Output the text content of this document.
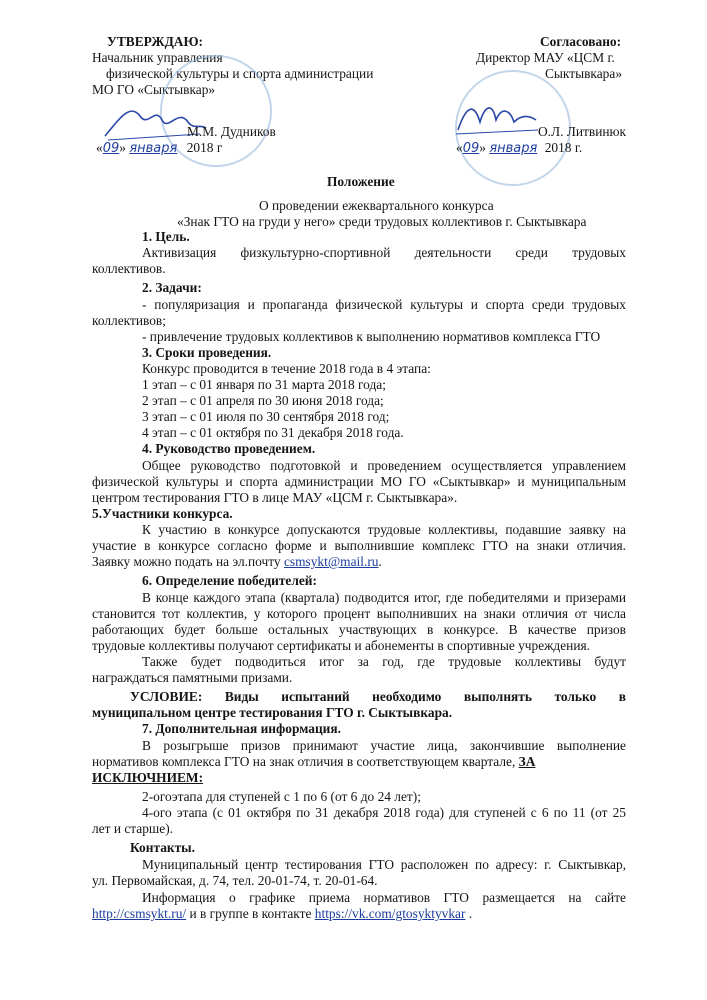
УТВЕРЖДАЮ:
Начальник управления
физической культуры и спорта администрации
МО ГО «Сыктывкар»
М.М. Дудников
«09» января 2018 г
Согласовано:
Директор МАУ «ЦСМ г.
Сыктывкара»
О.Л. Литвинюк
«09» января 2018 г.
Положение
О проведении ежеквартального конкурса
«Знак ГТО на груди у него» среди трудовых коллективов г. Сыктывкара
1. Цель.
Активизация физкультурно-спортивной деятельности среди трудовых
коллективов.
2. Задачи:
- популяризация и пропаганда физической культуры и спорта среди трудовых
коллективов;
- привлечение трудовых коллективов к выполнению нормативов комплекса ГТО
3. Сроки проведения.
Конкурс проводится в течение 2018 года в 4 этапа:
1 этап – с 01 января по 31 марта 2018 года;
2 этап – с 01 апреля по 30 июня 2018 года;
3 этап – с 01 июля по 30 сентября 2018 год;
4 этап – с 01 октября по 31 декабря 2018 года.
4. Руководство проведением.
Общее руководство подготовкой и проведением осуществляется управлением
физической культуры и спорта администрации МО ГО «Сыктывкар» и муниципальным
центром тестирования ГТО в лице МАУ «ЦСМ г. Сыктывкара».
5.Участники конкурса.
К участию в конкурсе допускаются трудовые коллективы, подавшие заявку на
участие в конкурсе согласно форме и выполнившие комплекс ГТО на знаки отличия.
Заявку можно подать на эл.почту csmsykt@mail.ru.
6. Определение победителей:
В конце каждого этапа (квартала) подводится итог, где победителями и призерами
становится тот коллектив, у которого процент выполнивших на знаки отличия от числа
работающих будет больше остальных участвующих в конкурсе. В качестве призов
трудовые коллективы получают сертификаты и абонементы в спортивные учреждения.
Также будет подводиться итог за год, где трудовые коллективы будут
награждаться памятными призами.
УСЛОВИЕ: Виды испытаний необходимо выполнять только в
муниципальном центре тестирования ГТО г. Сыктывкара.
7. Дополнительная информация.
В розыгрыше призов принимают участие лица, закончившие выполнение
нормативов комплекса ГТО на знак отличия в соответствующем квартале, ЗА
ИСКЛЮЧНИЕМ:
2-огоэтапа для ступеней с 1 по 6 (от 6 до 24 лет);
4-ого этапа (с 01 октября по 31 декабря 2018 года) для ступеней с 6 по 11 (от 25
лет и старше).
Контакты.
Муниципальный центр тестирования ГТО расположен по адресу: г. Сыктывкар,
ул. Первомайская, д. 74, тел. 20-01-74, т. 20-01-64.
Информация о графике приема нормативов ГТО размещается на сайте
http://csmsykt.ru/ и в группе в контакте https://vk.com/gtosyktyvkar .
